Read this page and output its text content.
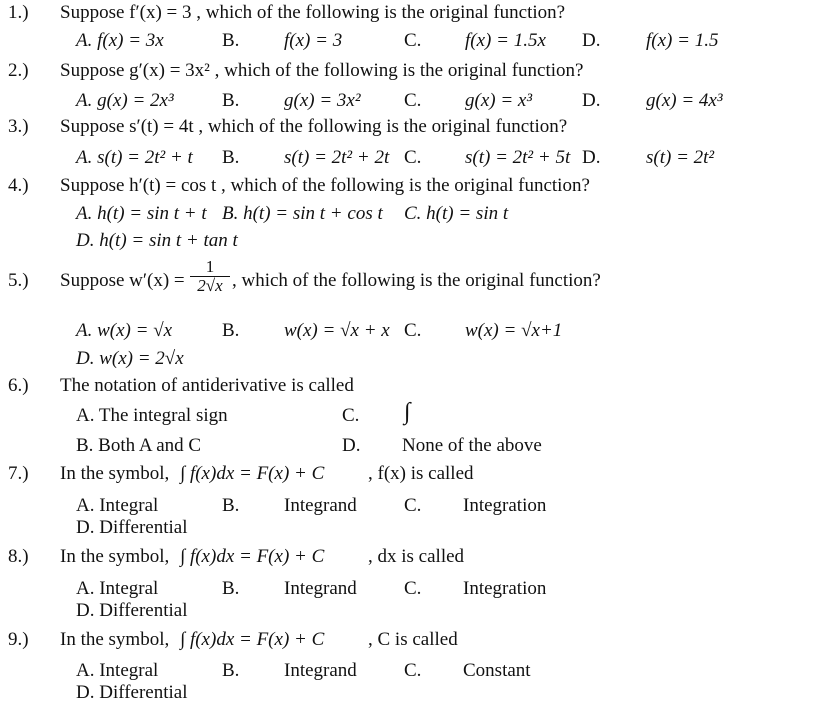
1.) Suppose f′(x) = 3 , which of the following is the original function?
A. f(x) = 3x	B. f(x) = 3	C. f(x) = 1.5x D. f(x) = 1.5
2.) Suppose g′(x) = 3x² , which of the following is the original function?
A. g(x) = 2x³	B. g(x) = 3x² C. g(x) = x³	D. g(x) = 4x³
3.) Suppose s′(t) = 4t , which of the following is the original function?
A. s(t) = 2t² + t B. s(t) = 2t² + 2t C. s(t) = 2t² + 5t D. s(t) = 2t²
4.) Suppose h′(t) = cos t , which of the following is the original function?
A. h(t) = sin t + t B. h(t) = sin t + cos t C. h(t) = sin t
D. h(t) = sin t + tan t
5.) Suppose $w'(x) = \frac{1}{2√x}$ , which of the following is the original function?
A. w(x) = √x	B. w(x) = √x + x C. w(x) = √x+1
D. w(x) = 2√x
6.) The notation of antiderivative is called
A. The integral sign	C. ∫
B. Both A and C	D. None of the above
7.) In the symbol, ∫ f(x)dx = F(x) + C , f(x) is called
A. Integral	B. Integrand C. Integration
D. Differential
8.) In the symbol, ∫ f(x)dx = F(x) + C , dx is called
A. Integral	B. Integrand C. Integration
D. Differential
9.) In the symbol, ∫ f(x)dx = F(x) + C , C is called
A. Integral	B. Integrand C. Constant
D. Differential
